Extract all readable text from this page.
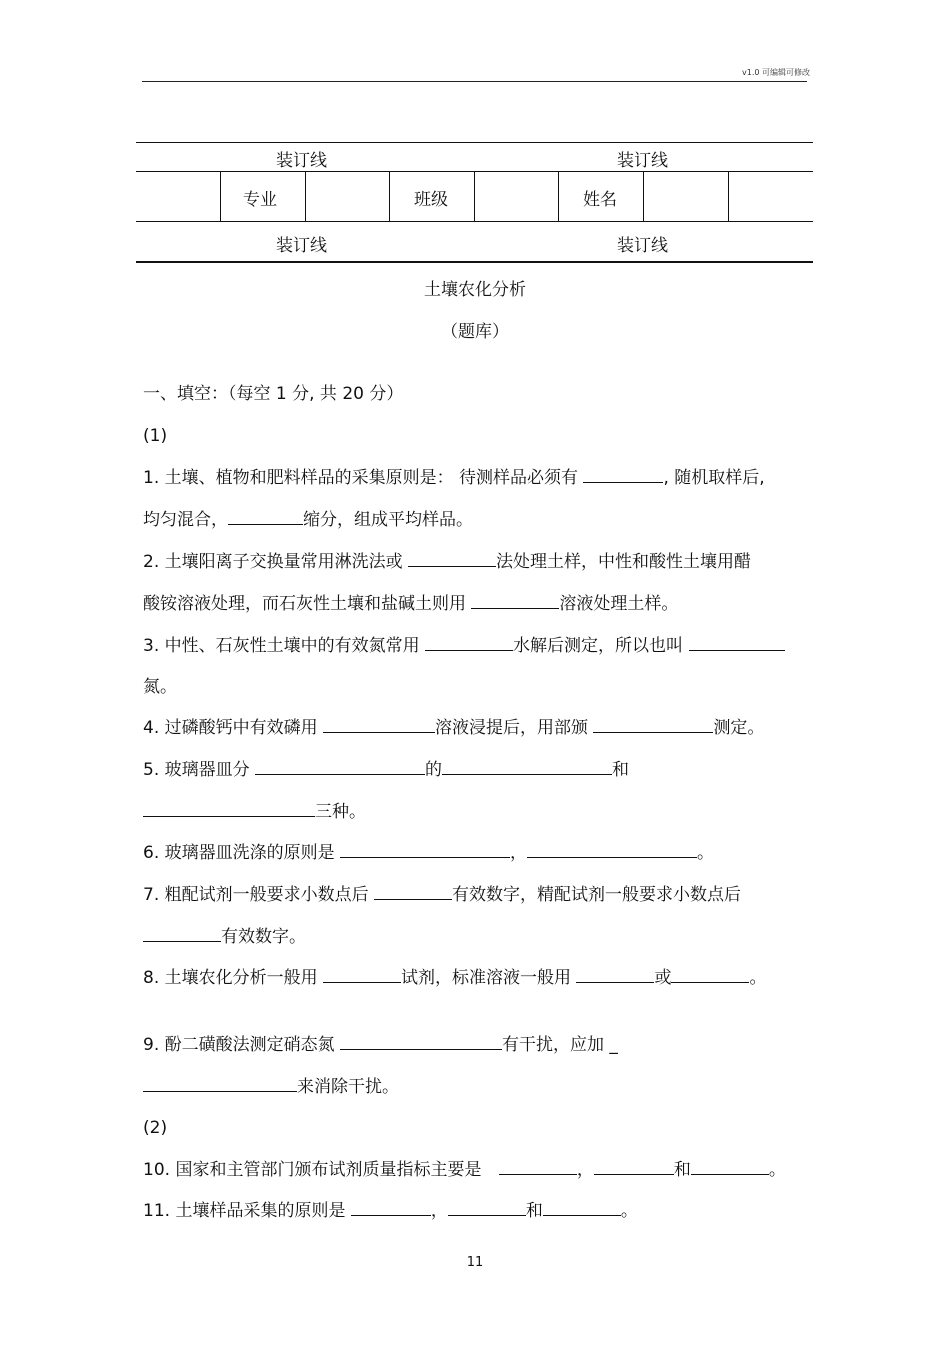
v1.0 可编辑可修改
装订线	装订线
专业	班级	姓名
装订线	装订线
土壤农化分析
（题库）
一、填空：（每空 1 分, 共 20 分）
(1)
1. 土壤、植物和肥料样品的采集原则是： 待测样品必须有	, 随机取样后,
均匀混合，	缩分，组成平均样品。
2. 土壤阳离子交换量常用淋洗法或	法处理土样，中性和酸性土壤用醋
酸铵溶液处理，而石灰性土壤和盐碱土则用	溶液处理土样。
3. 中性、石灰性土壤中的有效氮常用	水解后测定，所以也叫
氮。
4. 过磷酸钙中有效磷用	溶液浸提后，用部颁	测定。
5. 玻璃器皿分	的	和
三种。
6. 玻璃器皿洗涤的原则是	，	。
7. 粗配试剂一般要求小数点后	有效数字，精配试剂一般要求小数点后
有效数字。
8. 土壤农化分析一般用	试剂，标准溶液一般用	或	。
9. 酚二磺酸法测定硝态氮	有干扰，应加 _
来消除干扰。
(2)
10. 国家和主管部门颁布试剂质量指标主要是	，	和	。
11. 土壤样品采集的原则是	，	和	。
11
